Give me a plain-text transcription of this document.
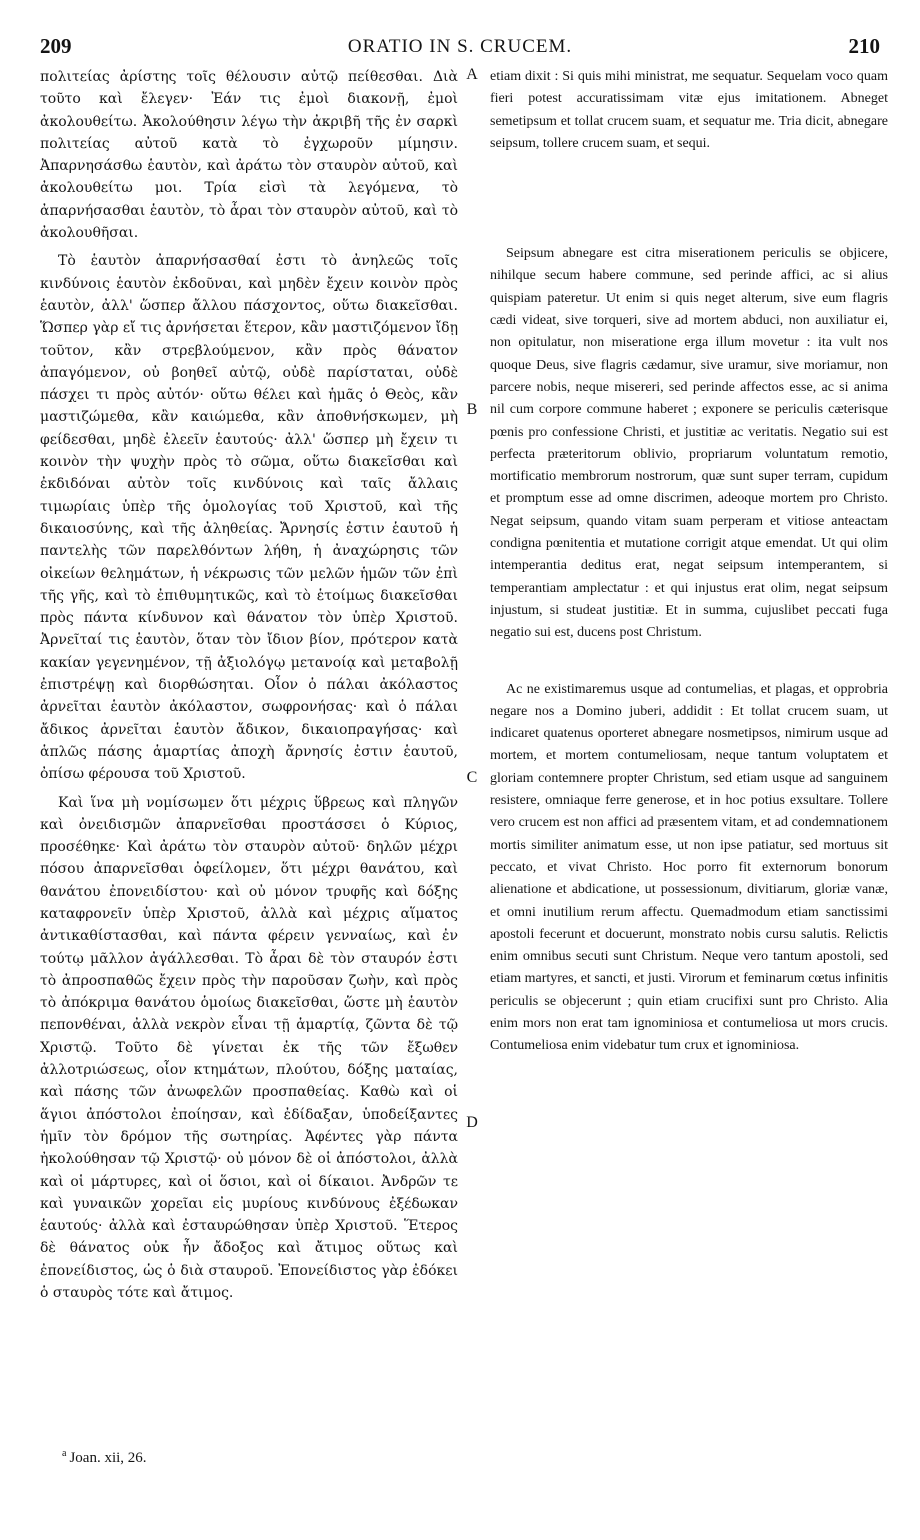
209	ORATIO IN S. CRUCEM.	210

πολιτείας ἀρίστης τοῖς θέλουσιν αὐτῷ πείθεσθαι. Διὰ τοῦτο καὶ ἔλεγεν· Ἐάν τις ἐμοὶ διακονῇ, ἐμοὶ ἀκολουθείτω. Ἀκολούθησιν λέγω τὴν ἀκριβῆ τῆς ἐν σαρκὶ πολιτείας αὐτοῦ κατὰ τὸ ἐγχωροῦν μίμησιν. Ἀπαρνησάσθω ἑαυτὸν, καὶ ἀράτω τὸν σταυρὸν αὐτοῦ, καὶ ἀκολουθείτω μοι. Τρία εἰσὶ τὰ λεγόμενα, τὸ ἀπαρνήσασθαι ἑαυτὸν, τὸ ἆραι τὸν σταυρὸν αὐτοῦ, καὶ τὸ ἀκολουθῆσαι.

Τὸ ἑαυτὸν ἀπαρνήσασθαί ἐστι τὸ ἀνηλεῶς τοῖς κινδύνοις ἑαυτὸν ἐκδοῦναι, καὶ μηδὲν ἔχειν κοινὸν πρὸς ἑαυτὸν, ἀλλ' ὥσπερ ἄλλου πάσχοντος, οὕτω διακεῖσθαι. Ὥσπερ γὰρ εἴ τις ἀρνήσεται ἕτερον, κἂν μαστιζόμενον ἴδῃ τοῦτον, κἂν στρεβλούμενον, κἂν πρὸς θάνατον ἀπαγόμενον, οὐ βοηθεῖ αὐτῷ, οὐδὲ παρίσταται, οὐδὲ πάσχει τι πρὸς αὐτόν· οὕτω θέλει καὶ ἡμᾶς ὁ Θεὸς, κἂν μαστιζώμεθα, κἂν καιώμεθα, κἂν ἀποθνήσκωμεν, μὴ φείδεσθαι, μηδὲ ἐλεεῖν ἑαυτούς· ἀλλ' ὥσπερ μὴ ἔχειν τι κοινὸν τὴν ψυχὴν πρὸς τὸ σῶμα, οὕτω διακεῖσθαι καὶ ἐκδιδόναι αὐτὸν τοῖς κινδύνοις καὶ ταῖς ἄλλαις τιμωρίαις ὑπὲρ τῆς ὁμολογίας τοῦ Χριστοῦ, καὶ τῆς δικαιοσύνης, καὶ τῆς ἀληθείας. Ἄρνησίς ἐστιν ἑαυτοῦ ἡ παντελὴς τῶν παρελθόντων λήθη, ἡ ἀναχώρησις τῶν οἰκείων θελημάτων, ἡ νέκρωσις τῶν μελῶν ἡμῶν τῶν ἐπὶ τῆς γῆς, καὶ τὸ ἐπιθυμητικῶς, καὶ τὸ ἑτοίμως διακεῖσθαι πρὸς πάντα κίνδυνον καὶ θάνατον τὸν ὑπὲρ Χριστοῦ. Ἀρνεῖταί τις ἑαυτὸν, ὅταν τὸν ἴδιον βίον, πρότερον κατὰ κακίαν γεγενημένον, τῇ ἀξιολόγῳ μετανοίᾳ καὶ μεταβολῇ ἐπιστρέψῃ καὶ διορθώσηται. Οἷον ὁ πάλαι ἀκόλαστος ἀρνεῖται ἑαυτὸν ἀκόλαστον, σωφρονήσας· καὶ ὁ πάλαι ἄδικος ἀρνεῖται ἑαυτὸν ἄδικον, δικαιοπραγήσας· καὶ ἁπλῶς πάσης ἁμαρτίας ἀποχὴ ἄρνησίς ἐστιν ἑαυτοῦ, ὀπίσω φέρουσα τοῦ Χριστοῦ.

Καὶ ἵνα μὴ νομίσωμεν ὅτι μέχρις ὕβρεως καὶ πληγῶν καὶ ὀνειδισμῶν ἀπαρνεῖσθαι προστάσσει ὁ Κύριος, προσέθηκε· Καὶ ἀράτω τὸν σταυρὸν αὐτοῦ· δηλῶν μέχρι πόσου ἀπαρνεῖσθαι ὀφείλομεν, ὅτι μέχρι θανάτου, καὶ θανάτου ἐπονειδίστου· καὶ οὐ μόνον τρυφῆς καὶ δόξης καταφρονεῖν ὑπὲρ Χριστοῦ, ἀλλὰ καὶ μέχρις αἵματος ἀντικαθίστασθαι, καὶ πάντα φέρειν γενναίως, καὶ ἐν τούτῳ μᾶλλον ἀγάλλεσθαι. Τὸ ἆραι δὲ τὸν σταυρόν ἐστι τὸ ἀπροσπαθῶς ἔχειν πρὸς τὴν παροῦσαν ζωὴν, καὶ πρὸς τὸ ἀπόκριμα θανάτου ὁμοίως διακεῖσθαι, ὥστε μὴ ἑαυτὸν πεπονθέναι, ἀλλὰ νεκρὸν εἶναι τῇ ἁμαρτίᾳ, ζῶντα δὲ τῷ Χριστῷ. Τοῦτο δὲ γίνεται ἐκ τῆς τῶν ἔξωθεν ἀλλοτριώσεως, οἷον κτημάτων, πλούτου, δόξης ματαίας, καὶ πάσης τῶν ἀνωφελῶν προσπαθείας. Καθὼ καὶ οἱ ἅγιοι ἀπόστολοι ἐποίησαν, καὶ ἐδίδαξαν, ὑποδείξαντες ἡμῖν τὸν δρόμον τῆς σωτηρίας. Ἀφέντες γὰρ πάντα ἠκολούθησαν τῷ Χριστῷ· οὐ μόνον δὲ οἱ ἀπόστολοι, ἀλλὰ καὶ οἱ μάρτυρες, καὶ οἱ ὅσιοι, καὶ οἱ δίκαιοι. Ἀνδρῶν τε καὶ γυναικῶν χορεῖαι εἰς μυρίους κινδύνους ἐξέδωκαν ἑαυτούς· ἀλλὰ καὶ ἐσταυρώθησαν ὑπὲρ Χριστοῦ. Ἕτερος δὲ θάνατος οὐκ ἦν ἄδοξος καὶ ἄτιμος οὕτως καὶ ἐπονείδιστος, ὡς ὁ διὰ σταυροῦ. Ἐπονείδιστος γὰρ ἐδόκει ὁ σταυρὸς τότε καὶ ἄτιμος.

A
B
C
D

etiam dixit : Si quis mihi ministrat, me sequatur. Sequelam voco quam fieri potest accuratissimam vitæ ejus imitationem. Abneget semetipsum et tollat crucem suam, et sequatur me. Tria dicit, abnegare seipsum, tollere crucem suam, et sequi.

Seipsum abnegare est citra miserationem periculis se objicere, nihilque secum habere commune, sed perinde affici, ac si alius quispiam pateretur. Ut enim si quis neget alterum, sive eum flagris cædi videat, sive torqueri, sive ad mortem abduci, non auxiliatur ei, non opitulatur, non miseratione erga illum movetur : ita vult nos quoque Deus, sive flagris cædamur, sive uramur, sive moriamur, non parcere nobis, neque misereri, sed perinde affectos esse, ac si anima nil cum corpore commune haberet ; exponere se periculis cæterisque pœnis pro confessione Christi, et justitiæ ac veritatis. Negatio sui est perfecta præteritorum oblivio, propriarum voluntatum remotio, mortificatio membrorum nostrorum, quæ sunt super terram, cupidum et promptum esse ad omne discrimen, adeoque mortem pro Christo. Negat seipsum, quando vitam suam perperam et vitiose anteactam condigna pœnitentia et mutatione corrigit atque emendat. Ut qui olim intemperantia deditus erat, negat seipsum intemperantem, si temperantiam amplectatur : et qui injustus erat olim, negat seipsum injustum, si studeat justitiæ. Et in summa, cujuslibet peccati fuga negatio sui est, ducens post Christum.

Ac ne existimaremus usque ad contumelias, et plagas, et opprobria negare nos a Domino juberi, addidit : Et tollat crucem suam, ut indicaret quatenus oporteret abnegare nosmetipsos, nimirum usque ad mortem, et mortem contumeliosam, neque tantum voluptatem et gloriam contemnere propter Christum, sed etiam usque ad sanguinem resistere, omniaque ferre generose, et in hoc potius exsultare. Tollere vero crucem est non affici ad præsentem vitam, et ad condemnationem mortis similiter animatum esse, ut non ipse patiatur, sed mortuus sit peccato, et vivat Christo. Hoc porro fit externorum bonorum alienatione et abdicatione, ut possessionum, divitiarum, gloriæ vanæ, et omni inutilium rerum affectu. Quemadmodum etiam sanctissimi apostoli fecerunt et docuerunt, monstrato nobis cursu salutis. Relictis enim omnibus secuti sunt Christum. Neque vero tantum apostoli, sed etiam martyres, et sancti, et justi. Virorum et feminarum cœtus infinitis periculis se objecerunt ; quin etiam crucifixi sunt pro Christo. Alia enim mors non erat tam ignominiosa et contumeliosa ut mors crucis. Contumeliosa enim videbatur tum crux et ignominiosa.

$^a$ Joan. xii, 26.
